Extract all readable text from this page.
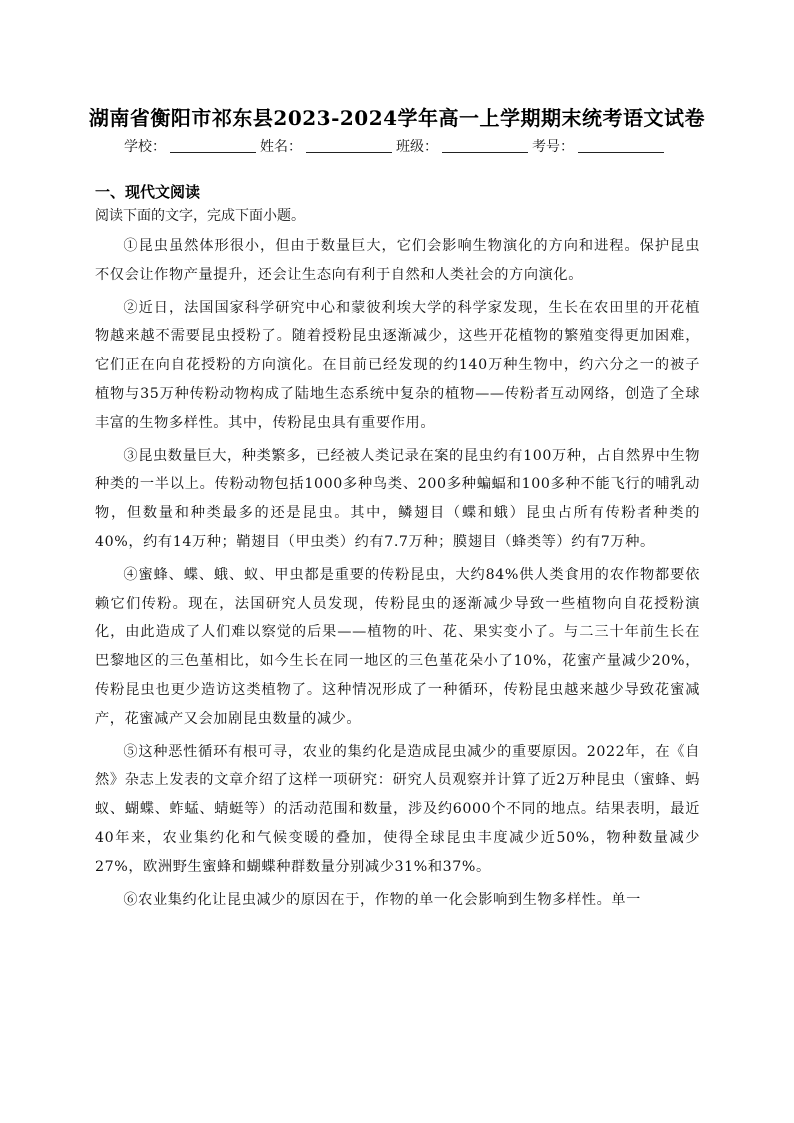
湖南省衡阳市祁东县2023-2024学年高一上学期期末统考语文试卷
学校：	姓名：	班级：	考号：
一、现代文阅读
阅读下面的文字，完成下面小题。

①昆虫虽然体形很小，但由于数量巨大，它们会影响生物演化的方向和进程。保护昆虫不仅会让作物产量提升，还会让生态向有利于自然和人类社会的方向演化。

②近日，法国国家科学研究中心和蒙彼利埃大学的科学家发现，生长在农田里的开花植物越来越不需要昆虫授粉了。随着授粉昆虫逐渐减少，这些开花植物的繁殖变得更加困难，它们正在向自花授粉的方向演化。在目前已经发现的约140万种生物中，约六分之一的被子植物与35万种传粉动物构成了陆地生态系统中复杂的植物——传粉者互动网络，创造了全球丰富的生物多样性。其中，传粉昆虫具有重要作用。

③昆虫数量巨大，种类繁多，已经被人类记录在案的昆虫约有100万种，占自然界中生物种类的一半以上。传粉动物包括1000多种鸟类、200多种蝙蝠和100多种不能飞行的哺乳动物，但数量和种类最多的还是昆虫。其中，鳞翅目（蝶和蛾）昆虫占所有传粉者种类的40%，约有14万种；鞘翅目（甲虫类）约有7.7万种；膜翅目（蜂类等）约有7万种。

④蜜蜂、蝶、蛾、蚁、甲虫都是重要的传粉昆虫，大约84%供人类食用的农作物都要依赖它们传粉。现在，法国研究人员发现，传粉昆虫的逐渐减少导致一些植物向自花授粉演化，由此造成了人们难以察觉的后果——植物的叶、花、果实变小了。与二三十年前生长在巴黎地区的三色堇相比，如今生长在同一地区的三色堇花朵小了10%，花蜜产量减少20%，传粉昆虫也更少造访这类植物了。这种情况形成了一种循环，传粉昆虫越来越少导致花蜜减产，花蜜减产又会加剧昆虫数量的减少。

⑤这种恶性循环有根可寻，农业的集约化是造成昆虫减少的重要原因。2022年，在《自然》杂志上发表的文章介绍了这样一项研究：研究人员观察并计算了近2万种昆虫（蜜蜂、蚂蚁、蝴蝶、蚱蜢、蜻蜓等）的活动范围和数量，涉及约6000个不同的地点。结果表明，最近40年来，农业集约化和气候变暖的叠加，使得全球昆虫丰度减少近50%，物种数量减少27%，欧洲野生蜜蜂和蝴蝶种群数量分别减少31%和37%。

⑥农业集约化让昆虫减少的原因在于，作物的单一化会影响到生物多样性。单一
